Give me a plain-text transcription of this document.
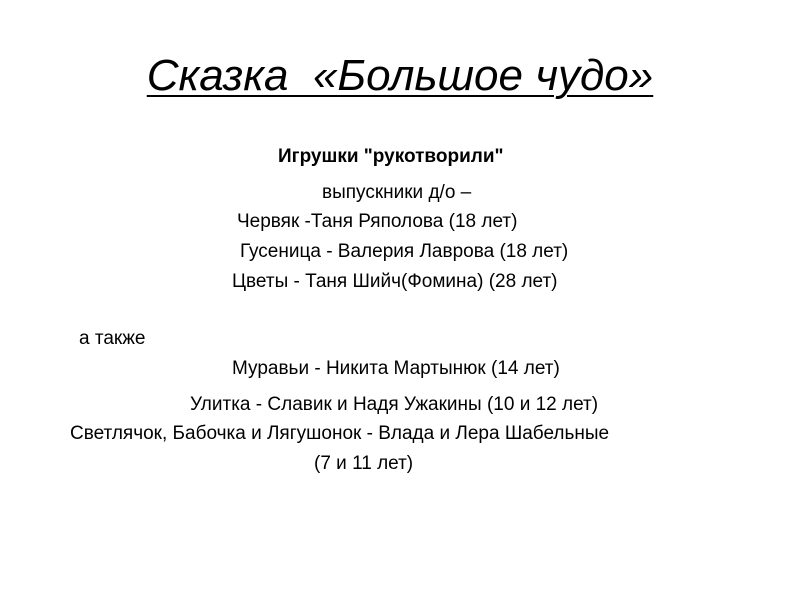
Сказка  «Большое чудо»
Игрушки "рукотворили"
выпускники д/о –
Червяк -Таня Ряполова (18 лет)
Гусеница - Валерия Лаврова (18 лет)
Цветы - Таня Шийч(Фомина) (28 лет)
а также
Муравьи - Никита Мартынюк (14 лет)
Улитка - Славик и Надя Ужакины (10 и 12 лет)
Светлячок, Бабочка и Лягушонок - Влада и Лера Шабельные
(7 и 11 лет)
